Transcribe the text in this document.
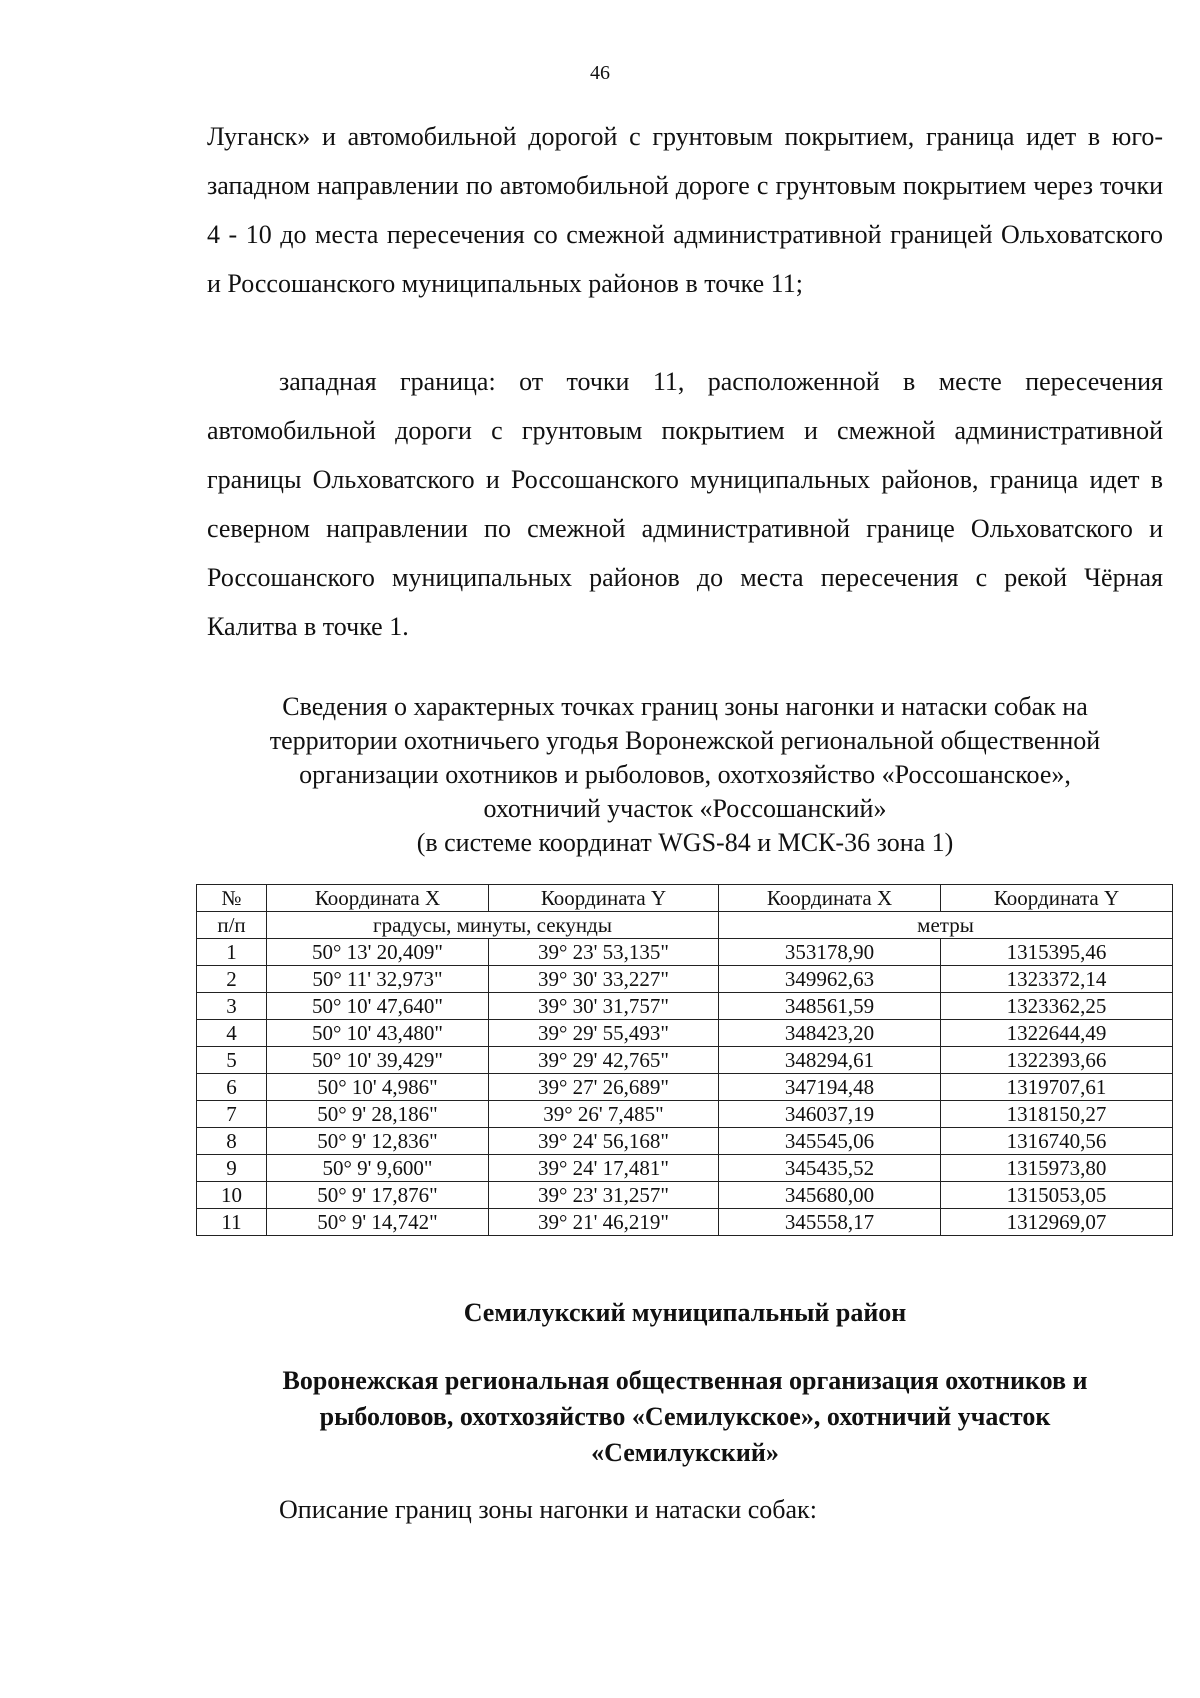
46

Луганск» и автомобильной дорогой с грунтовым покрытием, граница идет в юго-западном направлении по автомобильной дороге с грунтовым покрытием через точки 4 - 10 до места пересечения со смежной административной границей Ольховатского и Россошанского муниципальных районов в точке 11;

западная граница: от точки 11, расположенной в месте пересечения автомобильной дороги с грунтовым покрытием и смежной административной границы Ольховатского и Россошанского муниципальных районов, граница идет в северном направлении по смежной административной границе Ольховатского и Россошанского муниципальных районов до места пересечения с рекой Чёрная Калитва в точке 1.

Сведения о характерных точках границ зоны нагонки и натаски собак на
территории охотничьего угодья Воронежской региональной общественной
организации охотников и рыболовов, охотхозяйство «Россошанское»,
охотничий участок «Россошанский»
(в системе координат WGS-84 и МСК-36 зона 1)
№	Координата X	Координата Y	Координата X	Координата Y
п/п	градусы, минуты, секунды		метры	
1	50° 13' 20,409"	39° 23' 53,135"	353178,90	1315395,46
2	50° 11' 32,973"	39° 30' 33,227"	349962,63	1323372,14
3	50° 10' 47,640"	39° 30' 31,757"	348561,59	1323362,25
4	50° 10' 43,480"	39° 29' 55,493"	348423,20	1322644,49
5	50° 10' 39,429"	39° 29' 42,765"	348294,61	1322393,66
6	50° 10' 4,986"	39° 27' 26,689"	347194,48	1319707,61
7	50° 9' 28,186"	39° 26' 7,485"	346037,19	1318150,27
8	50° 9' 12,836"	39° 24' 56,168"	345545,06	1316740,56
9	50° 9' 9,600"	39° 24' 17,481"	345435,52	1315973,80
10	50° 9' 17,876"	39° 23' 31,257"	345680,00	1315053,05
11	50° 9' 14,742"	39° 21' 46,219"	345558,17	1312969,07
Семилукский муниципальный район
Воронежская региональная общественная организация охотников и
рыболовов, охотхозяйство «Семилукское», охотничий участок
«Семилукский»
Описание границ зоны нагонки и натаски собак:
